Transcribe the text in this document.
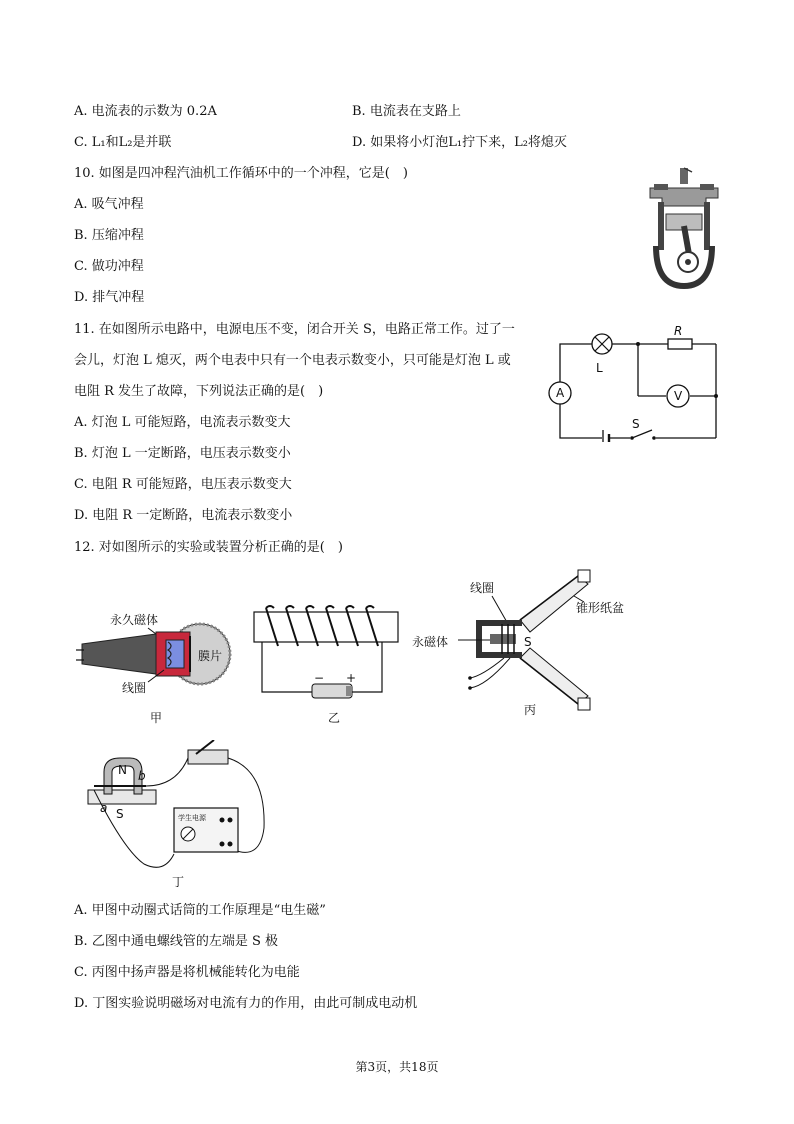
A. 电流表的示数为 0.2A	B. 电流表在支路上
C. L₁和L₂是并联	D. 如果将小灯泡L₁拧下来，L₂将熄灭
10. 如图是四冲程汽油机工作循环中的一个冲程，它是(　)
A. 吸气冲程
B. 压缩冲程
C. 做功冲程
D. 排气冲程
11. 在如图所示电路中，电源电压不变，闭合开关 S，电路正常工作。过了一
会儿，灯泡 L 熄灭，两个电表中只有一个电表示数变小，只可能是灯泡 L 或
电阻 R 发生了故障，下列说法正确的是(　)
A. 灯泡 L 可能短路，电流表示数变大
B. 灯泡 L 一定断路，电压表示数变小
C. 电阻 R 可能短路，电压表示数变大
D. 电阻 R 一定断路，电流表示数变小
L
R
A	V
S
12. 对如图所示的实验或装置分析正确的是(　)
永久磁体
膜片
线圈
甲
− +
乙
线圈
锥形纸盆
S
永磁体
丙
N b
a S	学生电源
丁
A. 甲图中动圈式话筒的工作原理是“电生磁”
B. 乙图中通电螺线管的左端是 S 极
C. 丙图中扬声器是将机械能转化为电能
D. 丁图实验说明磁场对电流有力的作用，由此可制成电动机
第3页，共18页
